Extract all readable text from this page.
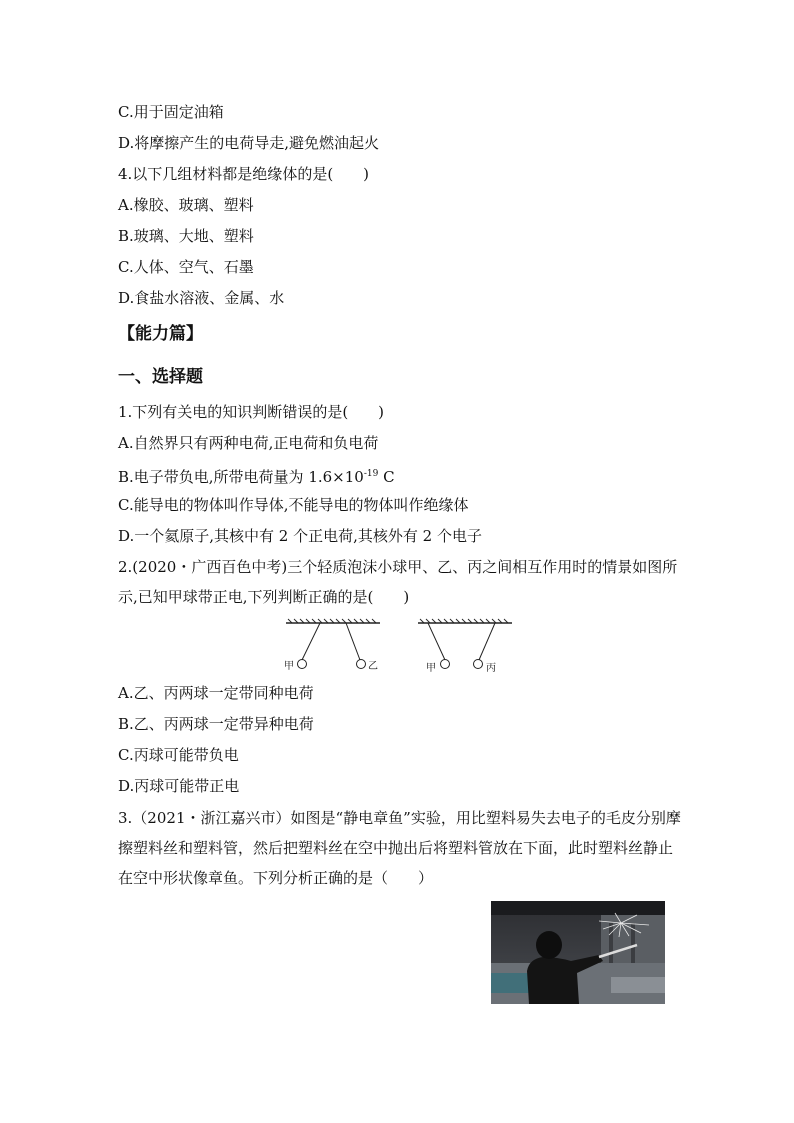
C.用于固定油箱
D.将摩擦产生的电荷导走,避免燃油起火
4.以下几组材料都是绝缘体的是(　　)
A.橡胶、玻璃、塑料
B.玻璃、大地、塑料
C.人体、空气、石墨
D.食盐水溶液、金属、水
【能力篇】
一、选择题
1.下列有关电的知识判断错误的是(　　)
A.自然界只有两种电荷,正电荷和负电荷
B.电子带负电,所带电荷量为 $1.6\times 10^{-19}$ C
C.能导电的物体叫作导体,不能导电的物体叫作绝缘体
D.一个氦原子,其核中有 2 个正电荷,其核外有 2 个电子
2.(2020・广西百色中考)三个轻质泡沫小球甲、乙、丙之间相互作用时的情景如图所示,已知甲球带正电,下列判断正确的是(　　)
甲	乙	甲	丙
A.乙、丙两球一定带同种电荷
B.乙、丙两球一定带异种电荷
C.丙球可能带负电
D.丙球可能带正电
3.（2021・浙江嘉兴市）如图是“静电章鱼”实验，用比塑料易失去电子的毛皮分别摩擦塑料丝和塑料管，然后把塑料丝在空中抛出后将塑料管放在下面，此时塑料丝静止在空中形状像章鱼。下列分析正确的是（　　）
